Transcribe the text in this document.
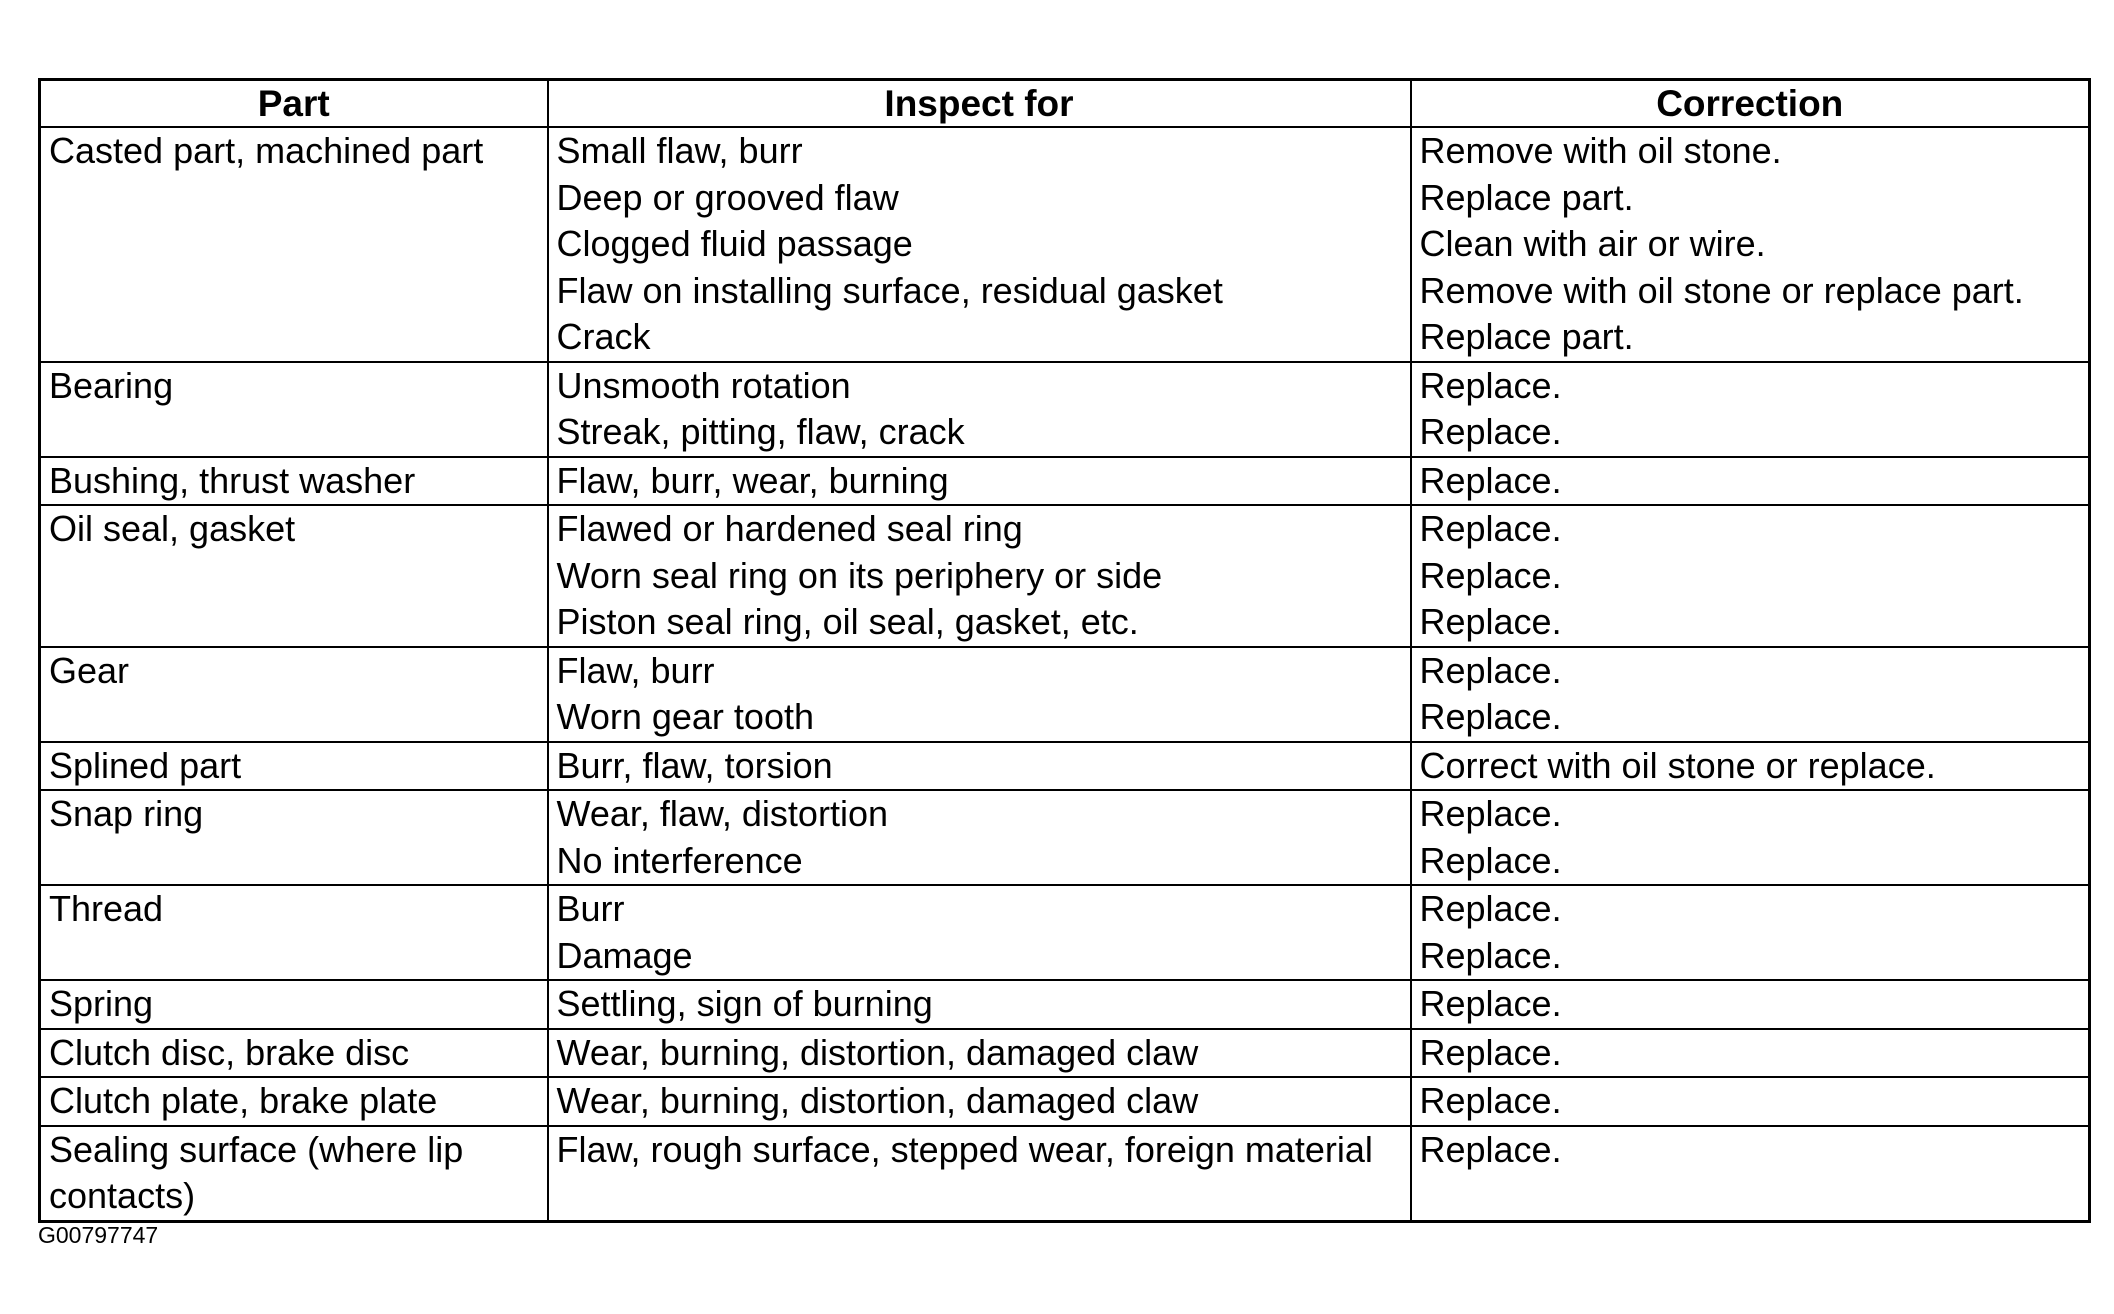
Part	Inspect for	Correction
Casted part, machined part	Small flaw, burr	Remove with oil stone.
	Deep or grooved flaw	Replace part.
	Clogged fluid passage	Clean with air or wire.
	Flaw on installing surface, residual gasket	Remove with oil stone or replace part.
	Crack	Replace part.
Bearing	Unsmooth rotation	Replace.
	Streak, pitting, flaw, crack	Replace.
Bushing, thrust washer	Flaw, burr, wear, burning	Replace.
Oil seal, gasket	Flawed or hardened seal ring	Replace.
	Worn seal ring on its periphery or side	Replace.
	Piston seal ring, oil seal, gasket, etc.	Replace.
Gear	Flaw, burr	Replace.
	Worn gear tooth	Replace.
Splined part	Burr, flaw, torsion	Correct with oil stone or replace.
Snap ring	Wear, flaw, distortion	Replace.
	No interference	Replace.
Thread	Burr	Replace.
	Damage	Replace.
Spring	Settling, sign of burning	Replace.
Clutch disc, brake disc	Wear, burning, distortion, damaged claw	Replace.
Clutch plate, brake plate	Wear, burning, distortion, damaged claw	Replace.
Sealing surface (where lip contacts)	Flaw, rough surface, stepped wear, foreign material	Replace.
G00797747
